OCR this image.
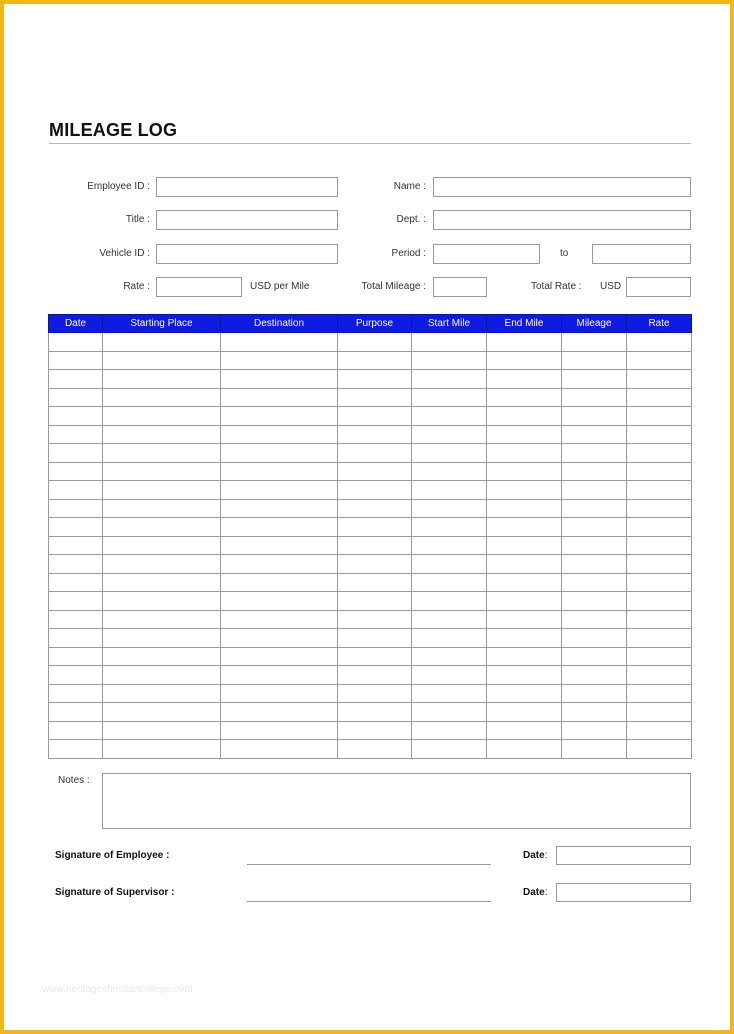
MILEAGE LOG
Employee ID :	Name :
Title :	Dept. :
Vehicle ID :	Period :	to
Rate :	USD per Mile	Total Mileage :	Total Rate : USD
Date	Starting Place	Destination	Purpose	Start Mile	End Mile	Mileage	Rate

Notes :
Signature of Employee :	Date:
Signature of Supervisor :	Date:
www.heritagechristiancollege.com
